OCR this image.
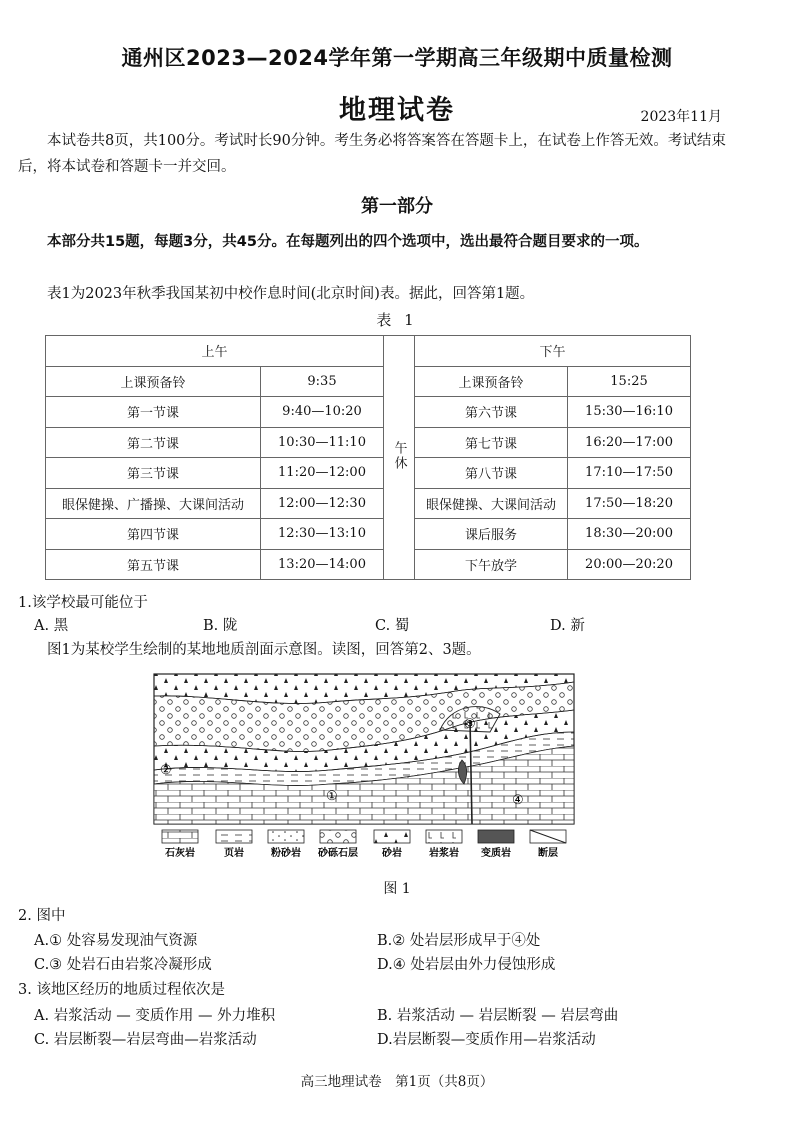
通州区2023—2024学年第一学期高三年级期中质量检测
地理试卷	2023年11月
本试卷共8页，共100分。考试时长90分钟。考生务必将答案答在答题卡上，在试卷上作答无效。考试结束后，将本试卷和答题卡一并交回。
第一部分
本部分共15题，每题3分，共45分。在每题列出的四个选项中，选出最符合题目要求的一项。
表1为2023年秋季我国某初中校作息时间(北京时间)表。据此，回答第1题。
表 1
上午		午休	下午	
上课预备铃	9:35		上课预备铃	15:25
第一节课	9:40—10:20		第六节课	15:30—16:10
第二节课	10:30—11:10		第七节课	16:20—17:00
第三节课	11:20—12:00		第八节课	17:10—17:50
眼保健操、广播操、大课间活动	12:00—12:30		眼保健操、大课间活动	17:50—18:20
第四节课	12:30—13:10		课后服务	18:30—20:00
第五节课	13:20—14:00		下午放学	20:00—20:20
1.该学校最可能位于
A. 黑	B. 陇	C. 蜀	D. 新
图1为某校学生绘制的某地地质剖面示意图。读图，回答第2、3题。
①
②
③
④
石灰岩	页岩	粉砂岩 砂砾石层 砂岩	岩浆岩 变质岩	断层
图 1
2. 图中
A.① 处容易发现油气资源	B.② 处岩层形成早于④处
C.③ 处岩石由岩浆冷凝形成	D.④ 处岩层由外力侵蚀形成
3. 该地区经历的地质过程依次是
A. 岩浆活动 — 变质作用 — 外力堆积	B. 岩浆活动 — 岩层断裂 — 岩层弯曲
C. 岩层断裂—岩层弯曲—岩浆活动	D.岩层断裂—变质作用—岩浆活动
高三地理试卷　第1页（共8页）
